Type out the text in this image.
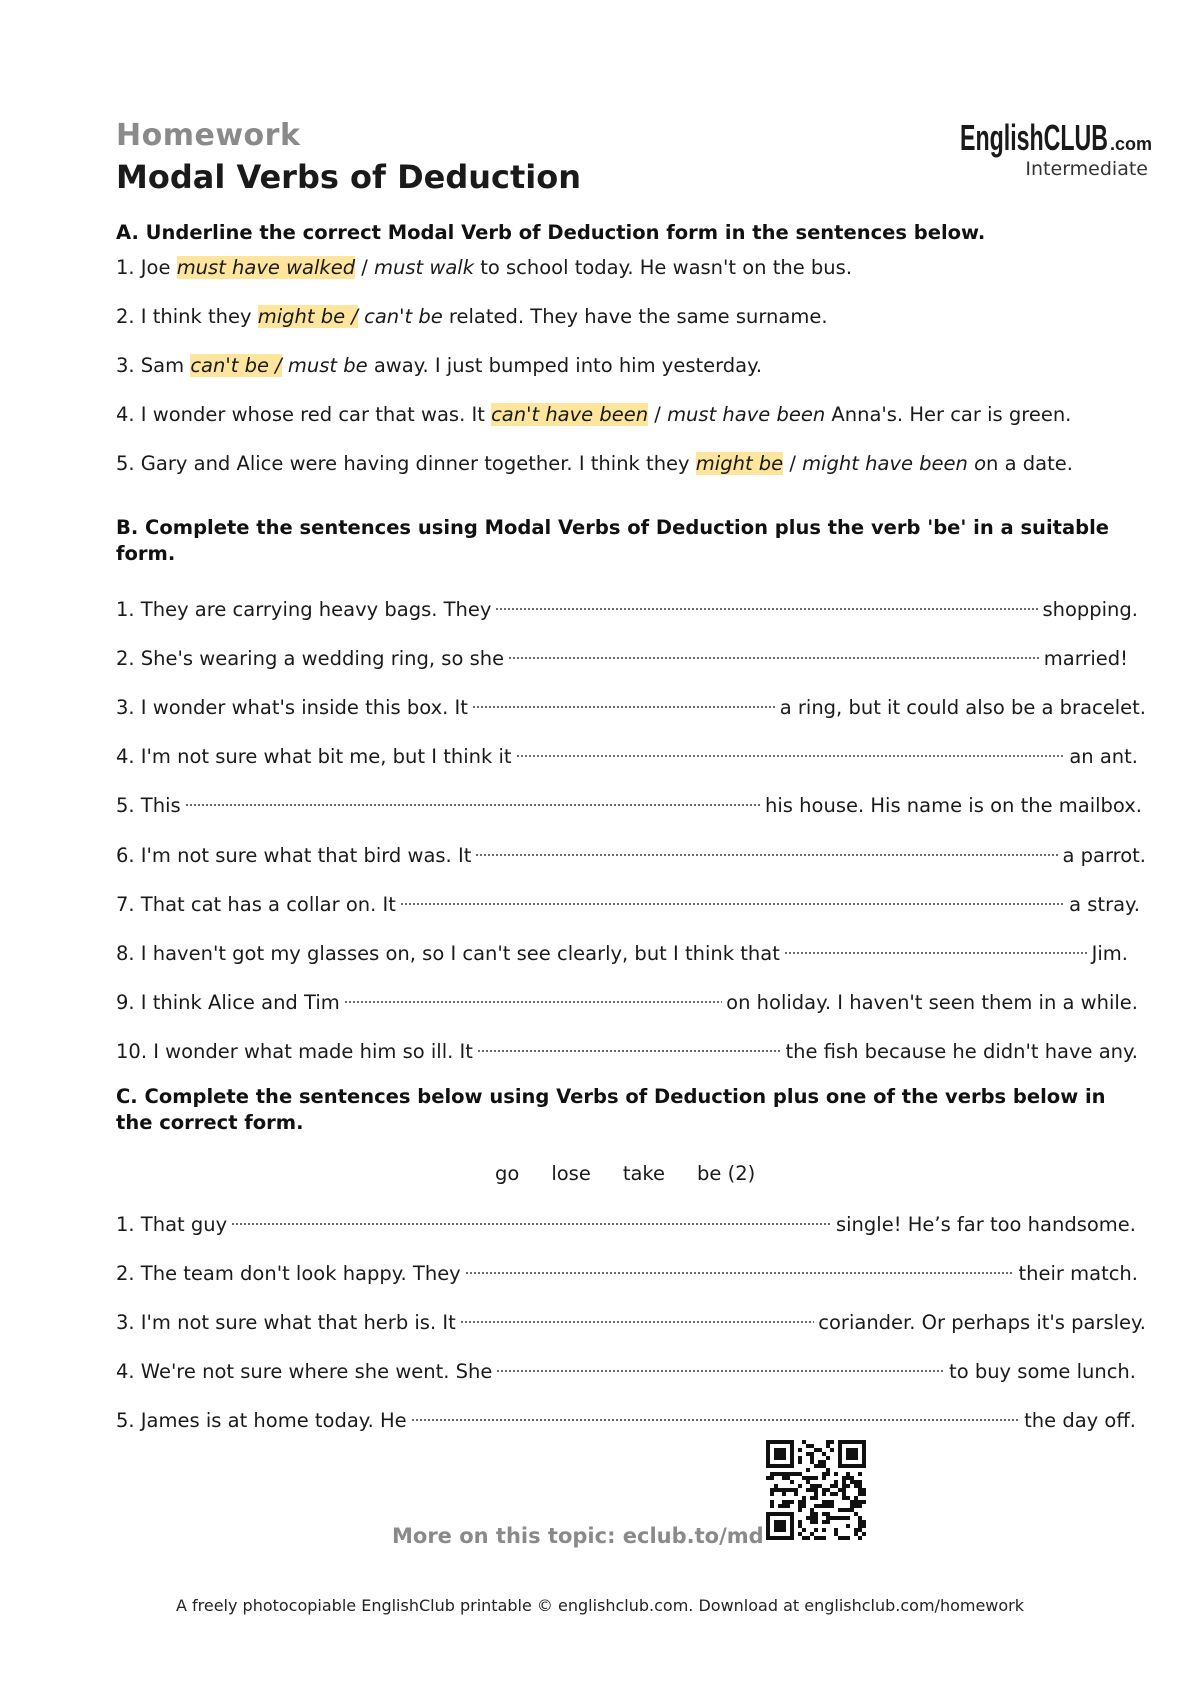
Homework
Modal Verbs of Deduction
EnglishCLUB .com
Intermediate
A. Underline the correct Modal Verb of Deduction form in the sentences below.
1. Joe must have walked / must walk to school today. He wasn't on the bus.
2. I think they might be / can't be related. They have the same surname.
3. Sam can't be / must be away. I just bumped into him yesterday.
4. I wonder whose red car that was. It can't have been / must have been Anna's. Her car is green.
5. Gary and Alice were having dinner together. I think they might be / might have been on a date.
B. Complete the sentences using Modal Verbs of Deduction plus the verb 'be' in a suitable form.
1. They are carrying heavy bags. They	shopping.
2. She's wearing a wedding ring, so she	married!
3. I wonder what's inside this box. It	a ring, but it could also be a bracelet.
4. I'm not sure what bit me, but I think it	an ant.
5. This	his house. His name is on the mailbox.
6. I'm not sure what that bird was. It	a parrot.
7. That cat has a collar on. It	a stray.
8. I haven't got my glasses on, so I can't see clearly, but I think that	Jim.
9. I think Alice and Tim	on holiday. I haven't seen them in a while.
10. I wonder what made him so ill. It	the fish because he didn't have any.
C. Complete the sentences below using Verbs of Deduction plus one of the verbs below in the correct form.
go lose take be (2)
1. That guy	single! He’s far too handsome.
2. The team don't look happy. They	their match.
3. I'm not sure what that herb is. It	coriander. Or perhaps it's parsley.
4. We're not sure where she went. She	to buy some lunch.
5. James is at home today. He	the day off.
More on this topic: eclub.to/md
A freely photocopiable EnglishClub printable © englishclub.com. Download at englishclub.com/homework
